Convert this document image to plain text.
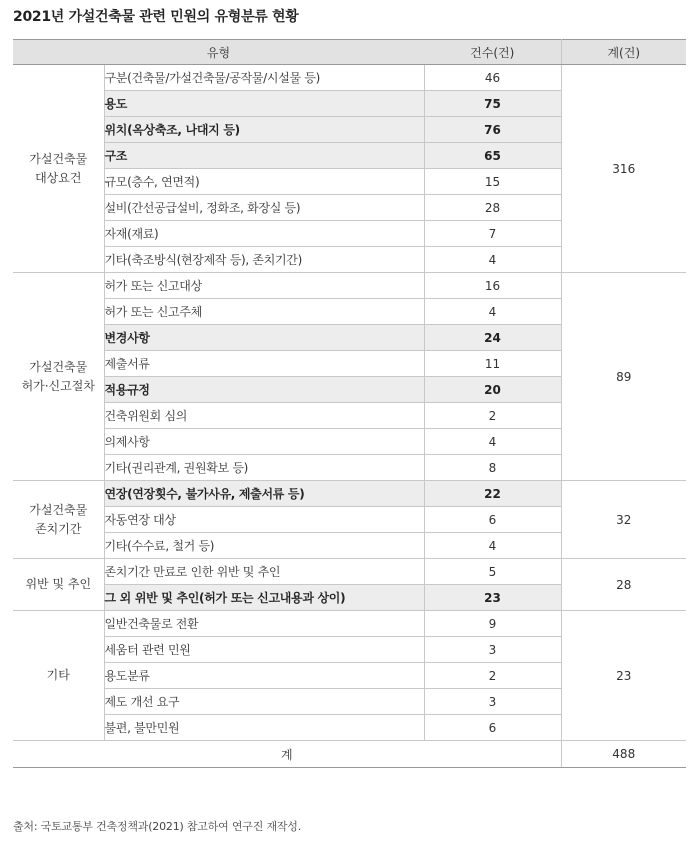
2021년 가설건축물 관련 민원의 유형분류 현황
유형		건수(건)	계(건)
가설건축물
대상요건	구분(건축물/가설건축물/공작물/시설물 등)	46	316
	용도	75	
	위치(옥상축조, 나대지 등)	76	
	구조	65	
	규모(층수, 연면적)	15	
	설비(간선공급설비, 정화조, 화장실 등)	28	
	자재(재료)	7	
	기타(축조방식(현장제작 등), 존치기간)	4	
가설건축물
허가·신고절차	허가 또는 신고대상	16	89
	허가 또는 신고주체	4	
	변경사항	24	
	제출서류	11	
	적용규정	20	
	건축위원회 심의	2	
	의제사항	4	
	기타(권리관계, 권원확보 등)	8	
가설건축물
존치기간	연장(연장횟수, 불가사유, 제출서류 등)	22	32
	자동연장 대상	6	
	기타(수수료, 철거 등)	4	
위반 및 추인	존치기간 만료로 인한 위반 및 추인	5	28
	그 외 위반 및 추인(허가 또는 신고내용과 상이)	23	
기타	일반건축물로 전환	9	23
	세움터 관련 민원	3	
	용도분류	2	
	제도 개선 요구	3	
	불편, 불만민원	6	
계			488
출처: 국토교통부 건축정책과(2021) 참고하여 연구진 재작성.
